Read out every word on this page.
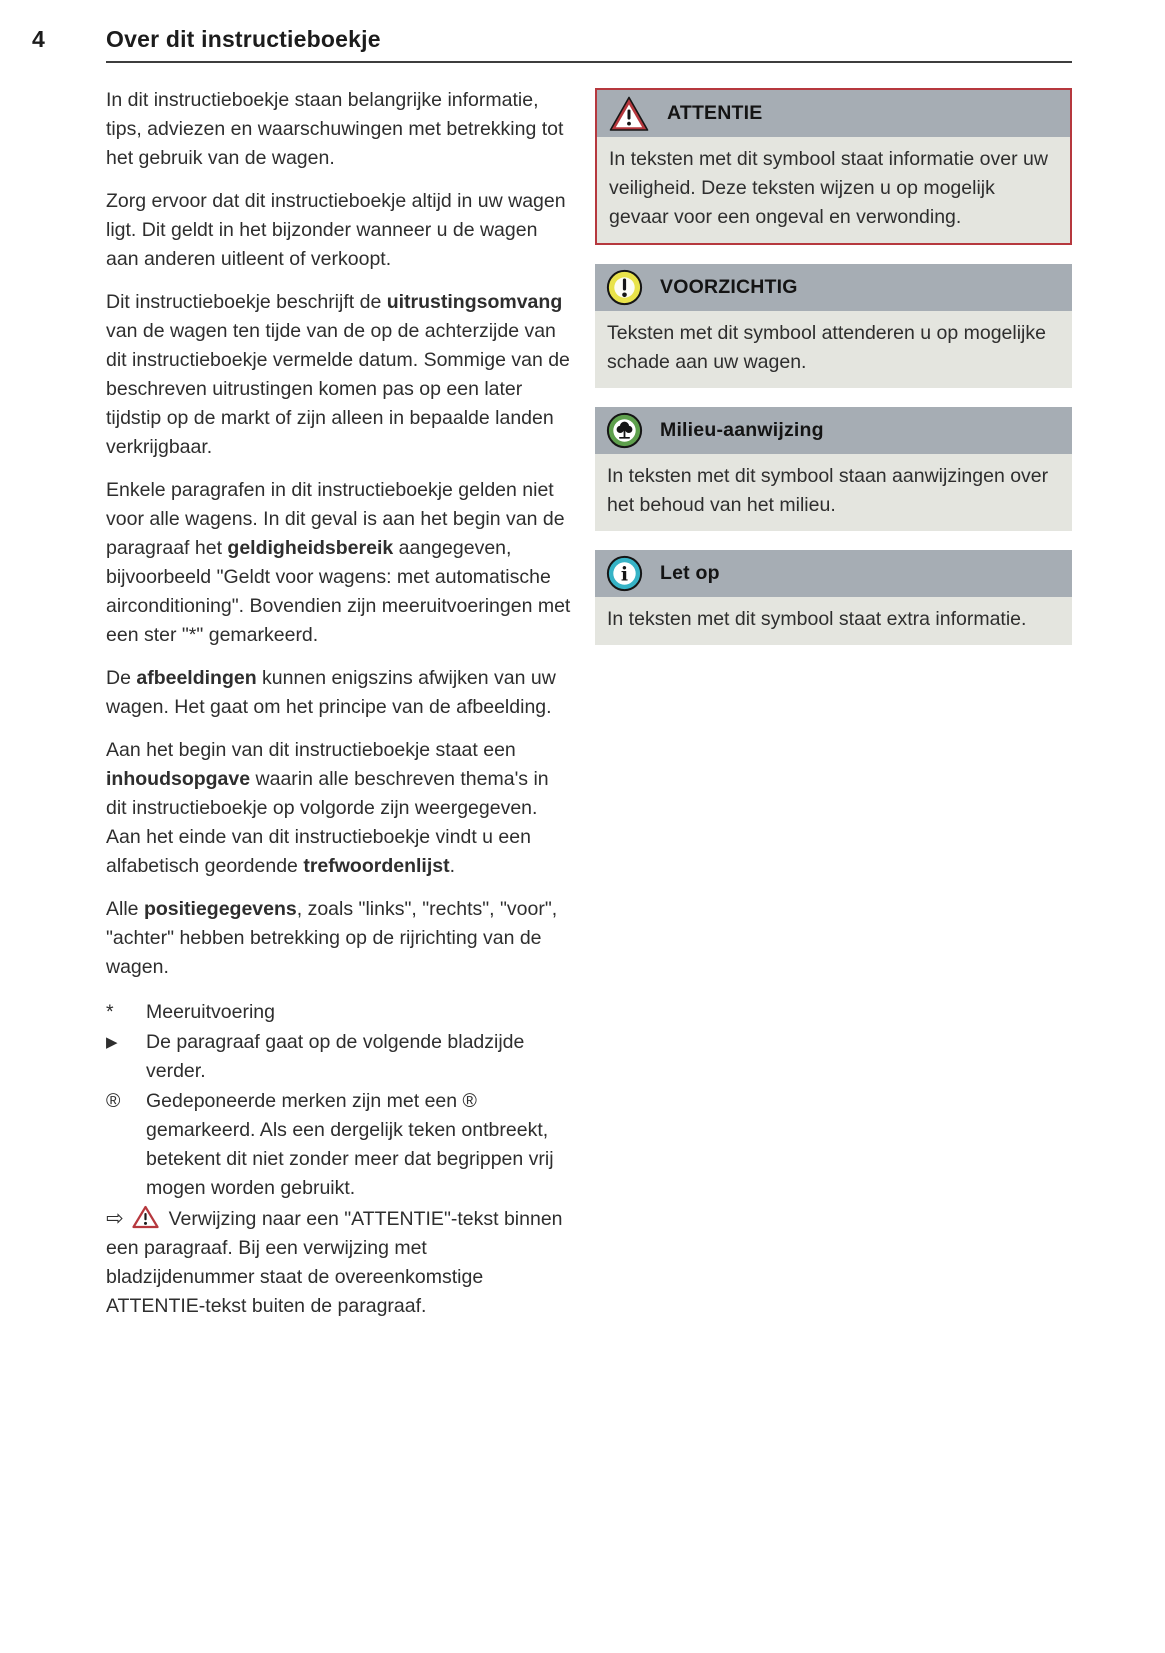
4	Over dit instructieboekje

In dit instructieboekje staan belangrijke informatie, tips, adviezen en waarschuwingen met betrekking tot het gebruik van de wagen.

Zorg ervoor dat dit instructieboekje altijd in uw wagen ligt. Dit geldt in het bijzonder wanneer u de wagen aan anderen uitleent of verkoopt.

Dit instructieboekje beschrijft de uitrustingsomvang van de wagen ten tijde van de op de achterzijde van dit instructieboekje vermelde datum. Sommige van de beschreven uitrustingen komen pas op een later tijdstip op de markt of zijn alleen in bepaalde landen verkrijgbaar.

Enkele paragrafen in dit instructieboekje gelden niet voor alle wagens. In dit geval is aan het begin van de paragraaf het geldigheidsbereik aangegeven, bijvoorbeeld "Geldt voor wagens: met automatische airconditioning". Bovendien zijn meeruitvoeringen met een ster "*" gemarkeerd.

De afbeeldingen kunnen enigszins afwijken van uw wagen. Het gaat om het principe van de afbeelding.

Aan het begin van dit instructieboekje staat een inhoudsopgave waarin alle beschreven thema's in dit instructieboekje op volgorde zijn weergegeven. Aan het einde van dit instructieboekje vindt u een alfabetisch geordende trefwoordenlijst.

Alle positiegegevens, zoals "links", "rechts", "voor", "achter" hebben betrekking op de rijrichting van de wagen.

*	Meeruitvoering
▶	De paragraaf gaat op de volgende bladzijde verder.
®	Gedeponeerde merken zijn met een ® gemarkeerd. Als een dergelijk teken ontbreekt, betekent dit niet zonder meer dat begrippen vrij mogen worden gebruikt.

⇨ Verwijzing naar een "ATTENTIE"-tekst binnen een paragraaf. Bij een verwijzing met bladzijdenummer staat de overeenkomstige ATTENTIE-tekst buiten de paragraaf.

ATTENTIE
In teksten met dit symbool staat informatie over uw veiligheid. Deze teksten wijzen u op mogelijk gevaar voor een ongeval en verwonding.
VOORZICHTIG
Teksten met dit symbool attenderen u op mogelijke schade aan uw wagen.
Milieu-aanwijzing
In teksten met dit symbool staan aanwijzingen over het behoud van het milieu.
i Let op
In teksten met dit symbool staat extra informatie.
